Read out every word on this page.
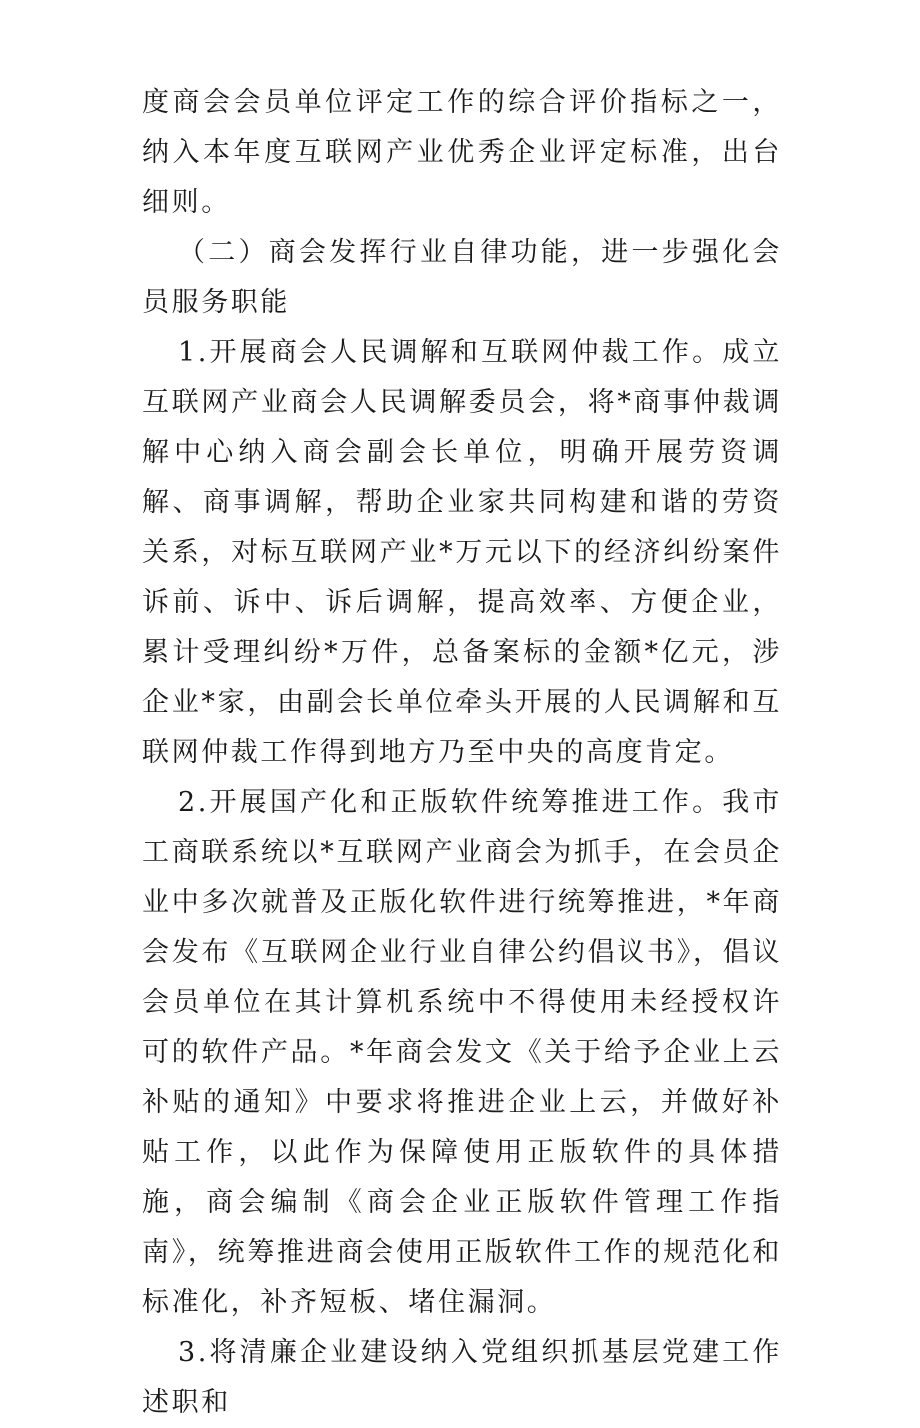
度商会会员单位评定工作的综合评价指标之一，纳入本年度互联网产业优秀企业评定标准，出台细则。

（二）商会发挥行业自律功能，进一步强化会员服务职能

1.开展商会人民调解和互联网仲裁工作。成立互联网产业商会人民调解委员会，将*商事仲裁调解中心纳入商会副会长单位，明确开展劳资调解、商事调解，帮助企业家共同构建和谐的劳资关系，对标互联网产业*万元以下的经济纠纷案件诉前、诉中、诉后调解，提高效率、方便企业，累计受理纠纷*万件，总备案标的金额*亿元，涉企业*家，由副会长单位牵头开展的人民调解和互联网仲裁工作得到地方乃至中央的高度肯定。

2.开展国产化和正版软件统筹推进工作。我市工商联系统以*互联网产业商会为抓手，在会员企业中多次就普及正版化软件进行统筹推进，*年商会发布《互联网企业行业自律公约倡议书》，倡议会员单位在其计算机系统中不得使用未经授权许可的软件产品。*年商会发文《关于给予企业上云补贴的通知》中要求将推进企业上云，并做好补贴工作，以此作为保障使用正版软件的具体措施，商会编制《商会企业正版软件管理工作指南》，统筹推进商会使用正版软件工作的规范化和标准化，补齐短板、堵住漏洞。

3.将清廉企业建设纳入党组织抓基层党建工作述职和
